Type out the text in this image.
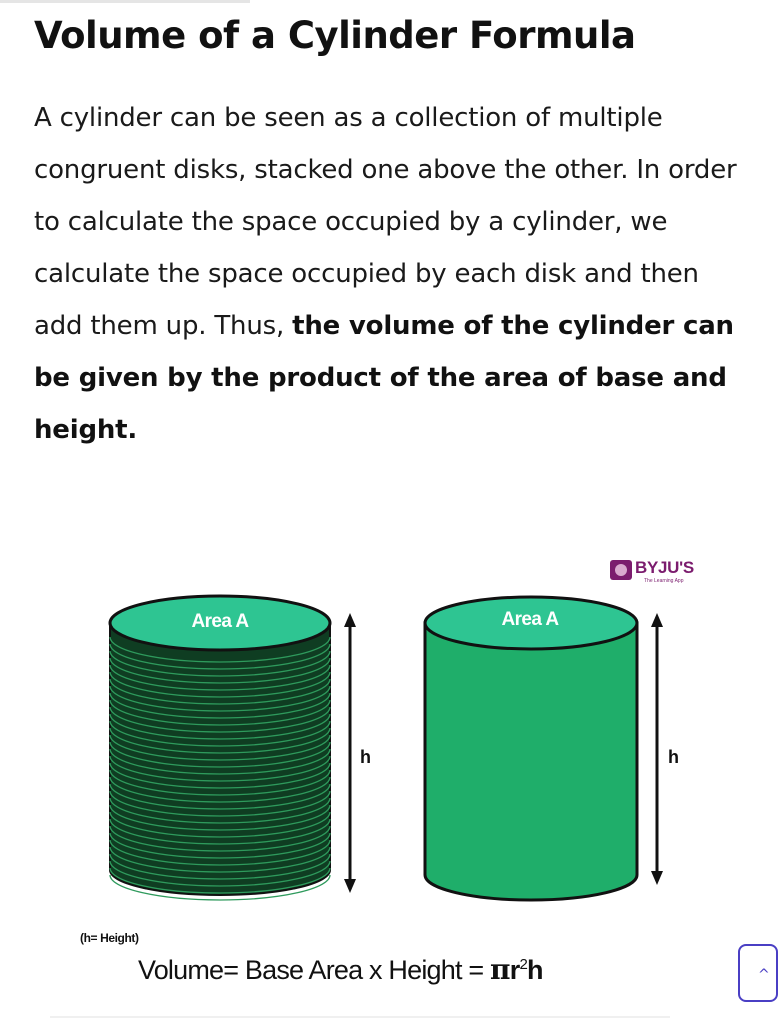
Volume of a Cylinder Formula

A cylinder can be seen as a collection of multiple congruent disks, stacked one above the other. In order to calculate the space occupied by a cylinder, we calculate the space occupied by each disk and then add them up. Thus, the volume of the cylinder can be given by the product of the area of base and height.

BYJU'S
The Learning App
Area A	Area A
h	h
(h= Height)
Volume= Base Area x Height = $\pi r^2h$	^
